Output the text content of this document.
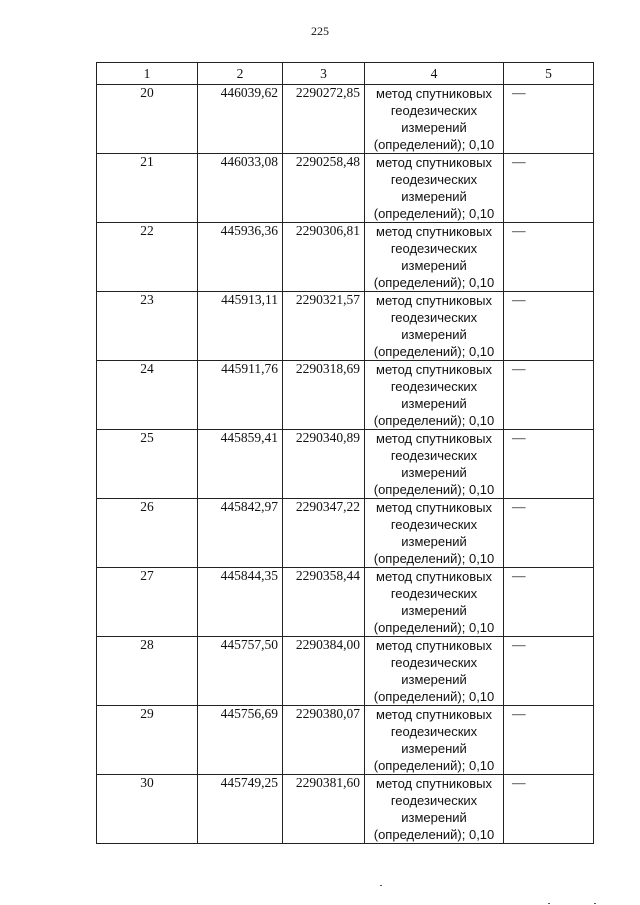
225
1	2	3	4	5
20	446039,62	2290272,85	метод спутниковых
геодезических
измерений
(определений); 0,10	—
21	446033,08	2290258,48	метод спутниковых
геодезических
измерений
(определений); 0,10	—
22	445936,36	2290306,81	метод спутниковых
геодезических
измерений
(определений); 0,10	—
23	445913,11	2290321,57	метод спутниковых
геодезических
измерений
(определений); 0,10	—
24	445911,76	2290318,69	метод спутниковых
геодезических
измерений
(определений); 0,10	—
25	445859,41	2290340,89	метод спутниковых
геодезических
измерений
(определений); 0,10	—
26	445842,97	2290347,22	метод спутниковых
геодезических
измерений
(определений); 0,10	—
27	445844,35	2290358,44	метод спутниковых
геодезических
измерений
(определений); 0,10	—
28	445757,50	2290384,00	метод спутниковых
геодезических
измерений
(определений); 0,10	—
29	445756,69	2290380,07	метод спутниковых
геодезических
измерений
(определений); 0,10	—
30	445749,25	2290381,60	метод спутниковых
геодезических
измерений
(определений); 0,10	—
